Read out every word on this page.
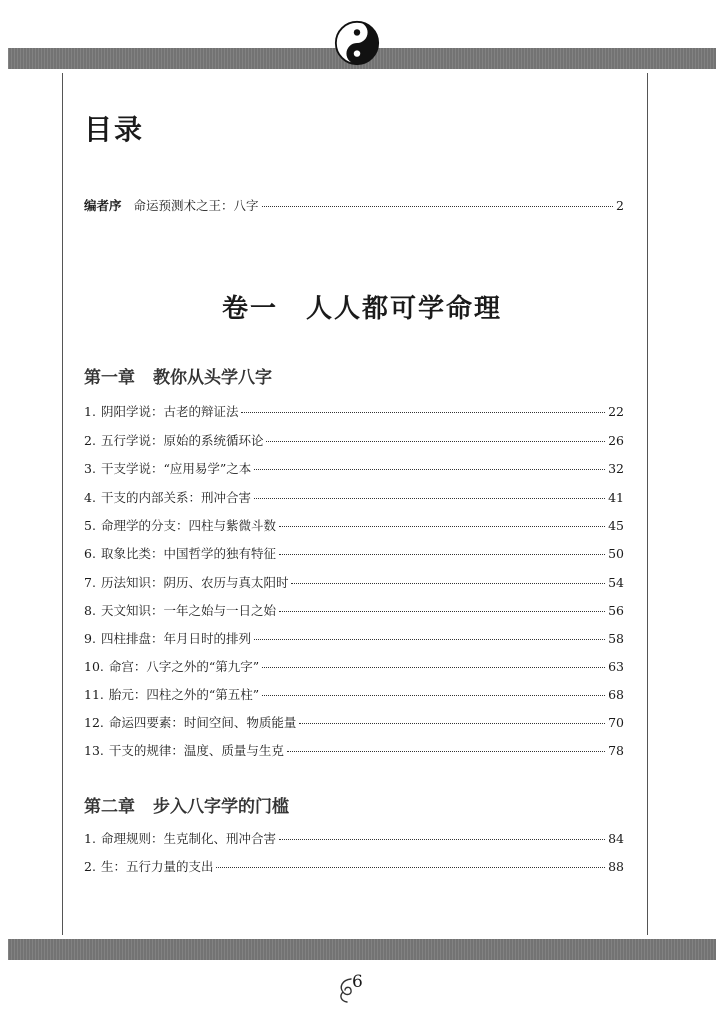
目录
编者序 命运预测术之王：八字	2
卷一 人人都可学命理
第一章 教你从头学八字
1. 阴阳学说 ：古老的辩证法	22
2. 五行学说 ：原始的系统循环论	26
3. 干支学说 ：“应用易学”之本	32
4. 干支的内部关系 ：刑冲合害	41
5. 命理学的分支 ：四柱与紫微斗数	45
6. 取象比类 ：中国哲学的独有特征	50
7. 历法知识 ：阴历、农历与真太阳时	54
8. 天文知识 ：一年之始与一日之始	56
9. 四柱排盘 ：年月日时的排列	58
10. 命宫 ：八字之外的“第九字”	63
11. 胎元 ：四柱之外的“第五柱”	68
12. 命运四要素 ：时间空间、物质能量	70
13. 干支的规律 ：温度、质量与生克	78
第二章 步入八字学的门槛
1. 命理规则 ：生克制化、刑冲合害	84
2. 生 ：五行力量的支出	88
6
